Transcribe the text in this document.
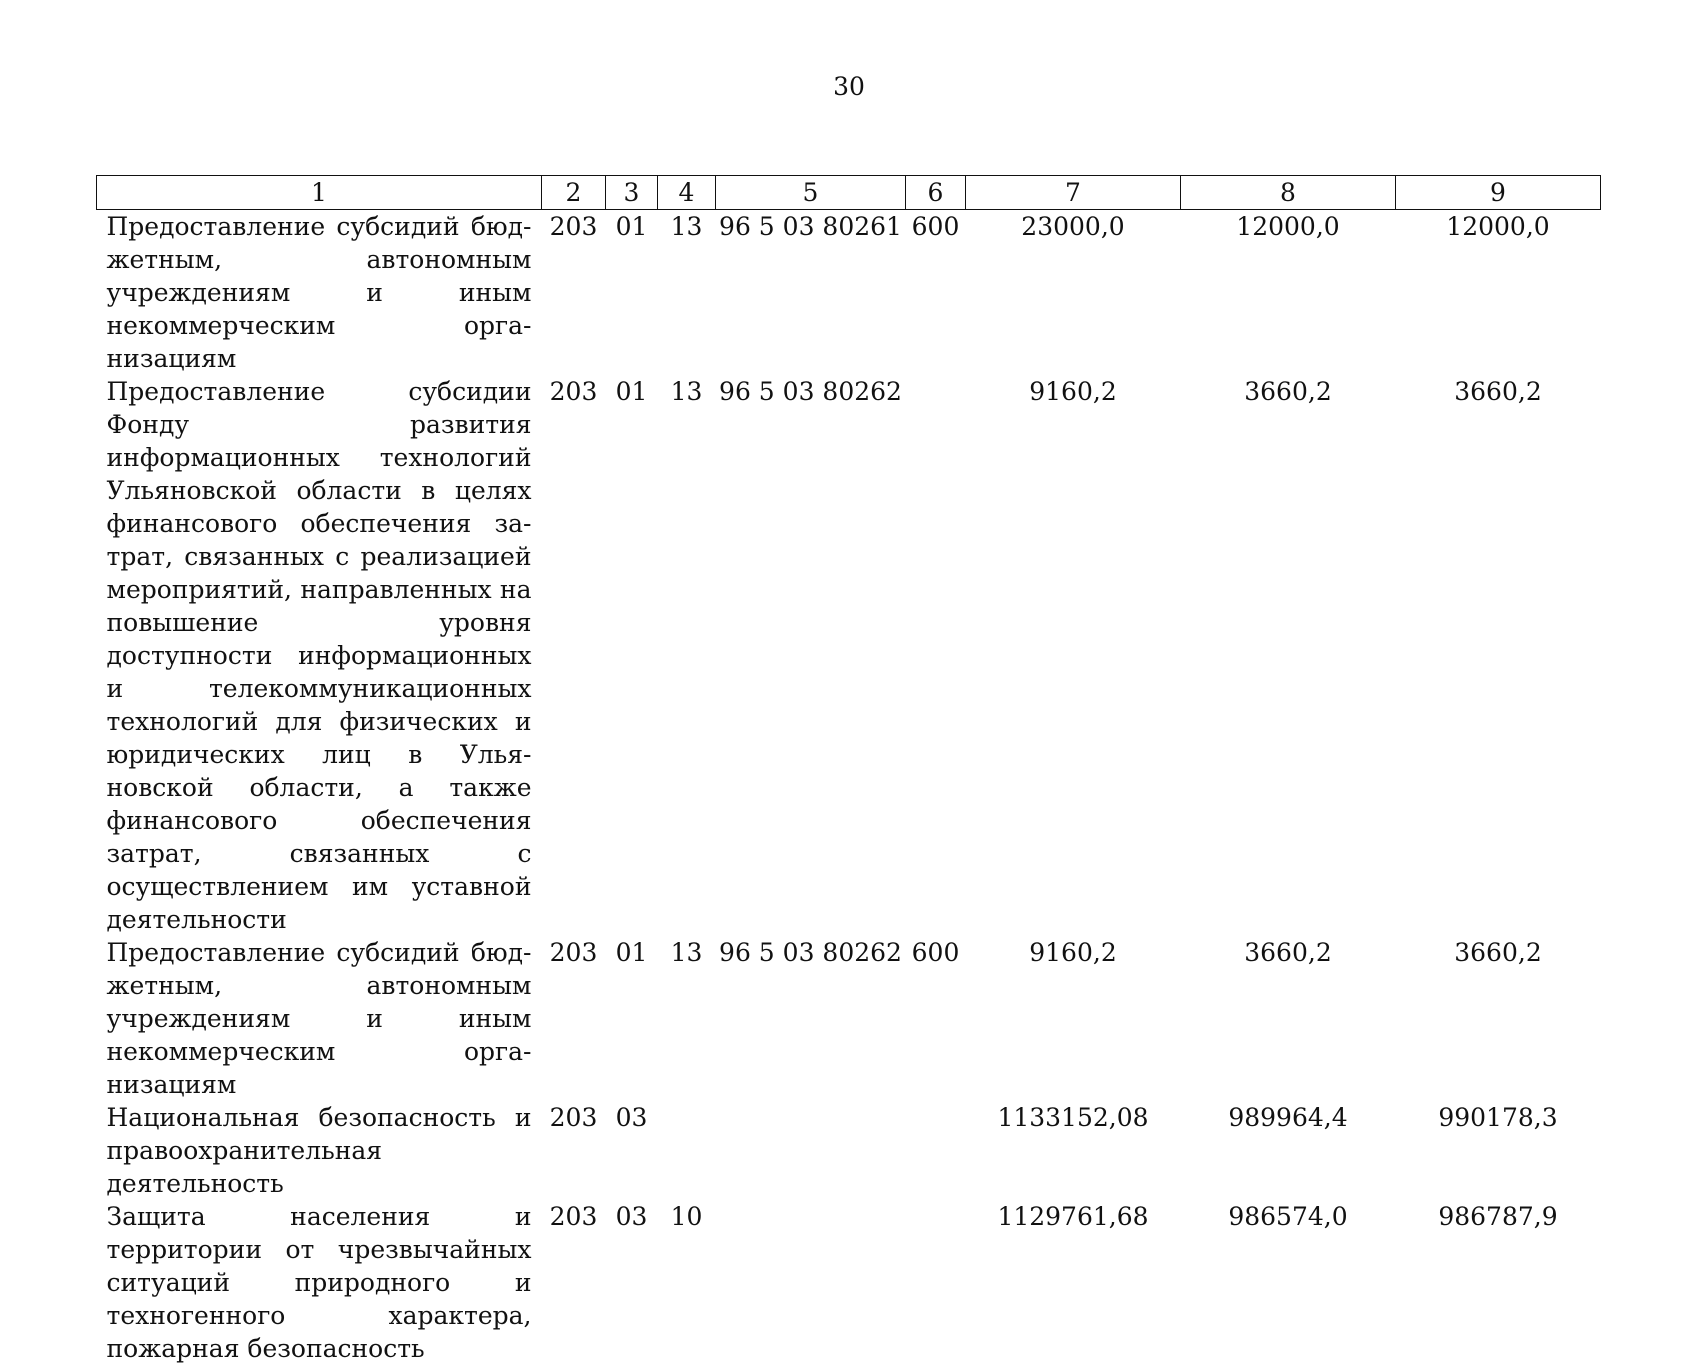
30
1	2	3	4	5	6	7	8	9
Предоставление субсидий бюджетным, автономным учреждениям и иным некоммерческим организациям	203	01	13	96 5 03 80261	600	23000,0	12000,0	12000,0
Предоставление субсидии Фонду развития информационных технологий Ульяновской области в целях финансового обеспечения затрат, связанных с реализацией мероприятий, направленных на повышение уровня доступности информационных и телекоммуникационных технологий для физических и юридических лиц в Ульяновской области, а также финансового обеспечения затрат, связанных с осуществлением им уставной деятельности	203	01	13	96 5 03 80262		9160,2	3660,2	3660,2
Предоставление субсидий бюджетным, автономным учреждениям и иным некоммерческим организациям	203	01	13	96 5 03 80262	600	9160,2	3660,2	3660,2
Национальная безопасность и правоохранительная деятельность	203	03				1133152,08	989964,4	990178,3
Защита населения и территории от чрезвычайных ситуаций природного и техногенного характера, пожарная безопасность	203	03	10			1129761,68	986574,0	986787,9
